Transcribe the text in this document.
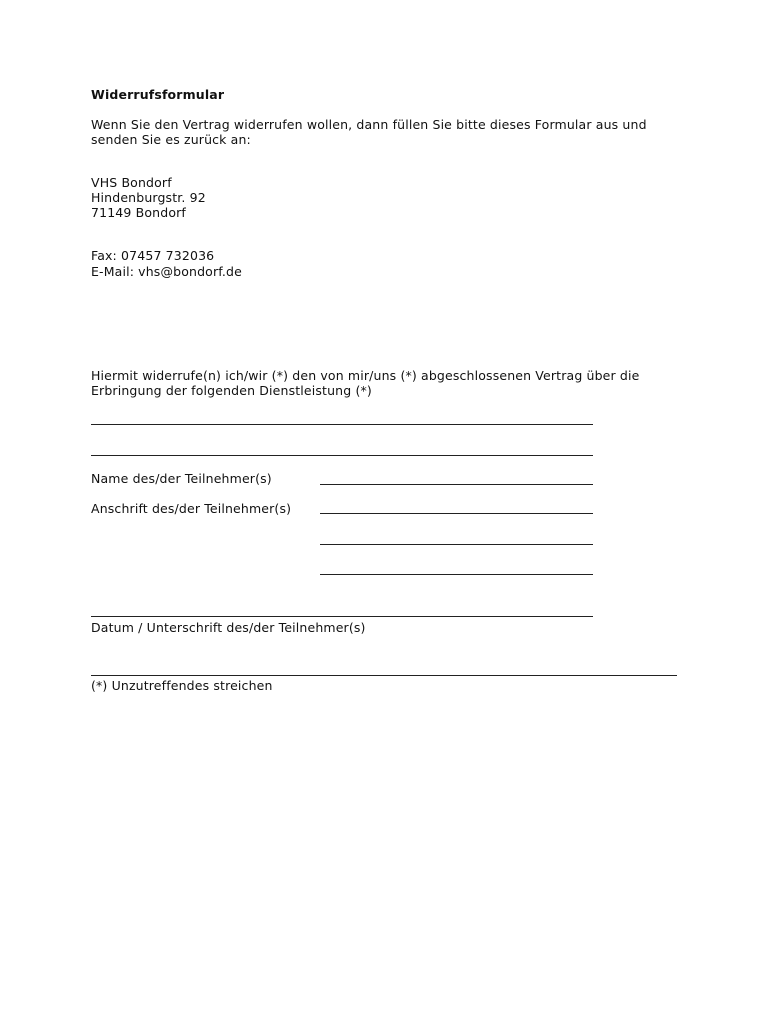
Widerrufsformular
Wenn Sie den Vertrag widerrufen wollen, dann füllen Sie bitte dieses Formular aus und
senden Sie es zurück an:
VHS Bondorf
Hindenburgstr. 92
71149 Bondorf
Fax: 07457 732036
E-Mail: vhs@bondorf.de
Hiermit widerrufe(n) ich/wir (*) den von mir/uns (*) abgeschlossenen Vertrag über die
Erbringung der folgenden Dienstleistung (*)
Name des/der Teilnehmer(s)
Anschrift des/der Teilnehmer(s)
Datum / Unterschrift des/der Teilnehmer(s)
(*) Unzutreffendes streichen
